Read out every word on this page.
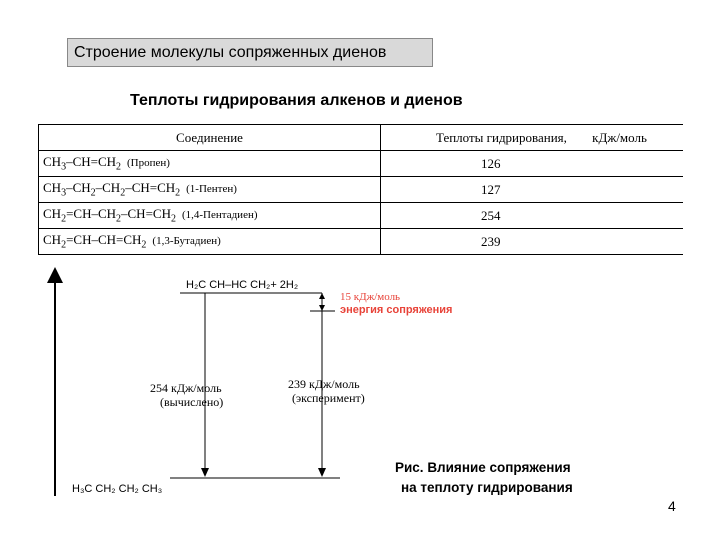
Строение молекулы сопряженных диенов
Теплоты гидрирования алкенов и диенов
Соединение	Теплоты гидрирования, кДж/моль
$CH_3-CH=CH_2$ (Пропен)	126
$CH_3-CH_2-CH_2-CH=CH_2$ (1-Пентен)	127
$CH_2=CH-CH_2-CH=CH_2$ (1,4-Пентадиен)	254
$CH_2=CH-CH=CH_2$ (1,3-Бутадиен)	239
H₂C CH–HC CH₂+ 2H₂
H₃C CH₂ CH₂ CH₃
15 кДж/моль
энергия сопряжения
254 кДж/моль
(вычислено)
239 кДж/моль
(эксперимент)
Рис. Влияние сопряжения
на теплоту гидрирования
4
